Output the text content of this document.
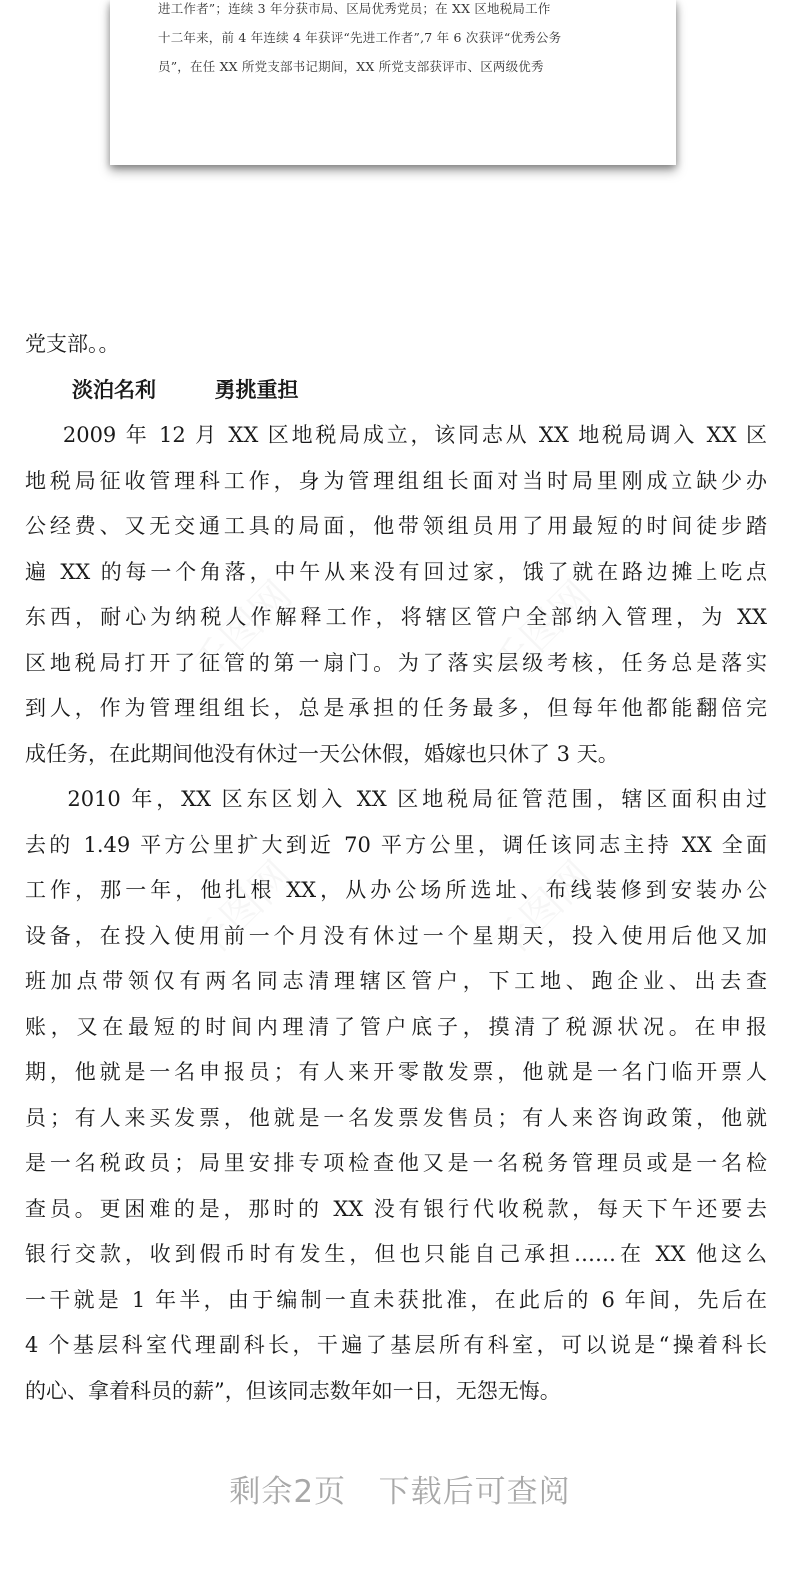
进工作者”；连续 3 年分获市局、区局优秀党员；在 XX 区地税局工作
十二年来，前 4 年连续 4 年获评“先进工作者”,7 年 6 次获评“优秀公务
员”，在任 XX 所党支部书记期间，XX 所党支部获评市、区两级优秀
党支部。。
淡泊名利        勇挑重担
2009 年 12 月 XX 区地税局成立，该同志从 XX 地税局调入 XX 区
地税局征收管理科工作，身为管理组组长面对当时局里刚成立缺少办
公经费、又无交通工具的局面，他带领组员用了用最短的时间徒步踏
遍 XX 的每一个角落，中午从来没有回过家，饿了就在路边摊上吃点
东西，耐心为纳税人作解释工作，将辖区管户全部纳入管理，为 XX
区地税局打开了征管的第一扇门。为了落实层级考核，任务总是落实
到人，作为管理组组长，总是承担的任务最多，但每年他都能翻倍完
成任务，在此期间他没有休过一天公休假，婚嫁也只休了 3 天。
2010 年，XX 区东区划入 XX 区地税局征管范围，辖区面积由过
去的 1.49 平方公里扩大到近 70 平方公里，调任该同志主持 XX 全面
工作，那一年，他扎根 XX，从办公场所选址、布线装修到安装办公
设备，在投入使用前一个月没有休过一个星期天，投入使用后他又加
班加点带领仅有两名同志清理辖区管户，下工地、跑企业、出去查
账，又在最短的时间内理清了管户底子，摸清了税源状况。在申报
期，他就是一名申报员；有人来开零散发票，他就是一名门临开票人
员；有人来买发票，他就是一名发票发售员；有人来咨询政策，他就
是一名税政员；局里安排专项检查他又是一名税务管理员或是一名检
查员。更困难的是，那时的 XX 没有银行代收税款，每天下午还要去
银行交款，收到假币时有发生，但也只能自己承担……在 XX 他这么
一干就是 1 年半，由于编制一直未获批准，在此后的 6 年间，先后在
4 个基层科室代理副科长，干遍了基层所有科室，可以说是“操着科长
的心、拿着科员的薪”，但该同志数年如一日，无怨无悔。
剩余2页   下载后可查阅
